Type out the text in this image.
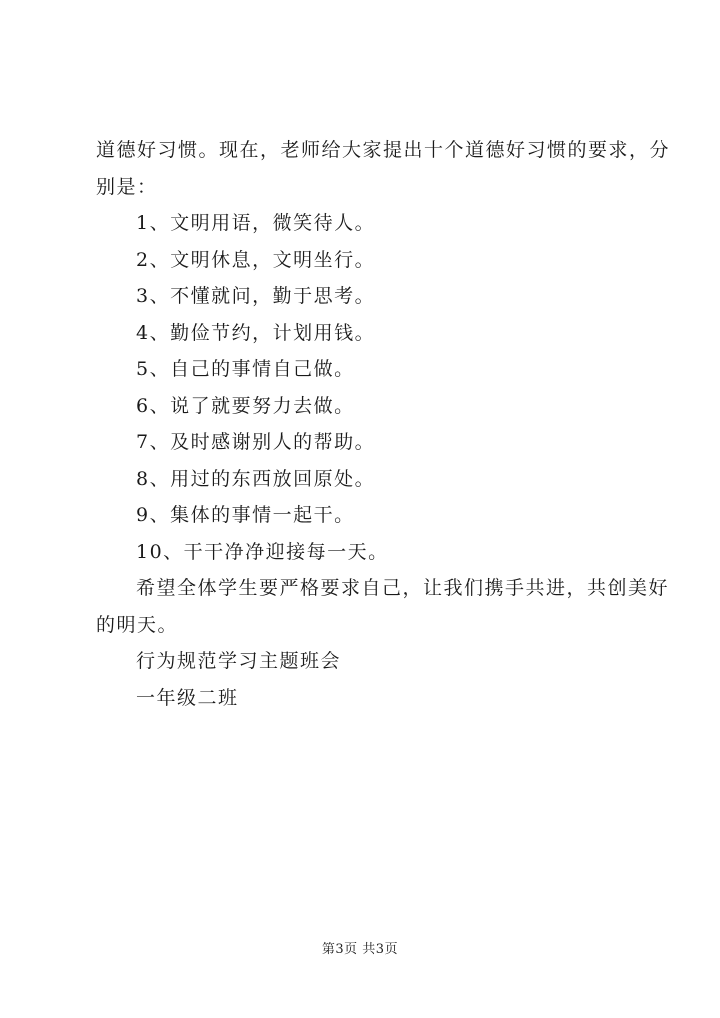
道德好习惯。现在，老师给大家提出十个道德好习惯的要求，分
别是：
1、文明用语，微笑待人。
2、文明休息，文明坐行。
3、不懂就问，勤于思考。
4、勤俭节约，计划用钱。
5、自己的事情自己做。
6、说了就要努力去做。
7、及时感谢别人的帮助。
8、用过的东西放回原处。
9、集体的事情一起干。
10、干干净净迎接每一天。
希望全体学生要严格要求自己，让我们携手共进，共创美好
的明天。
行为规范学习主题班会
一年级二班
第3页 共3页
